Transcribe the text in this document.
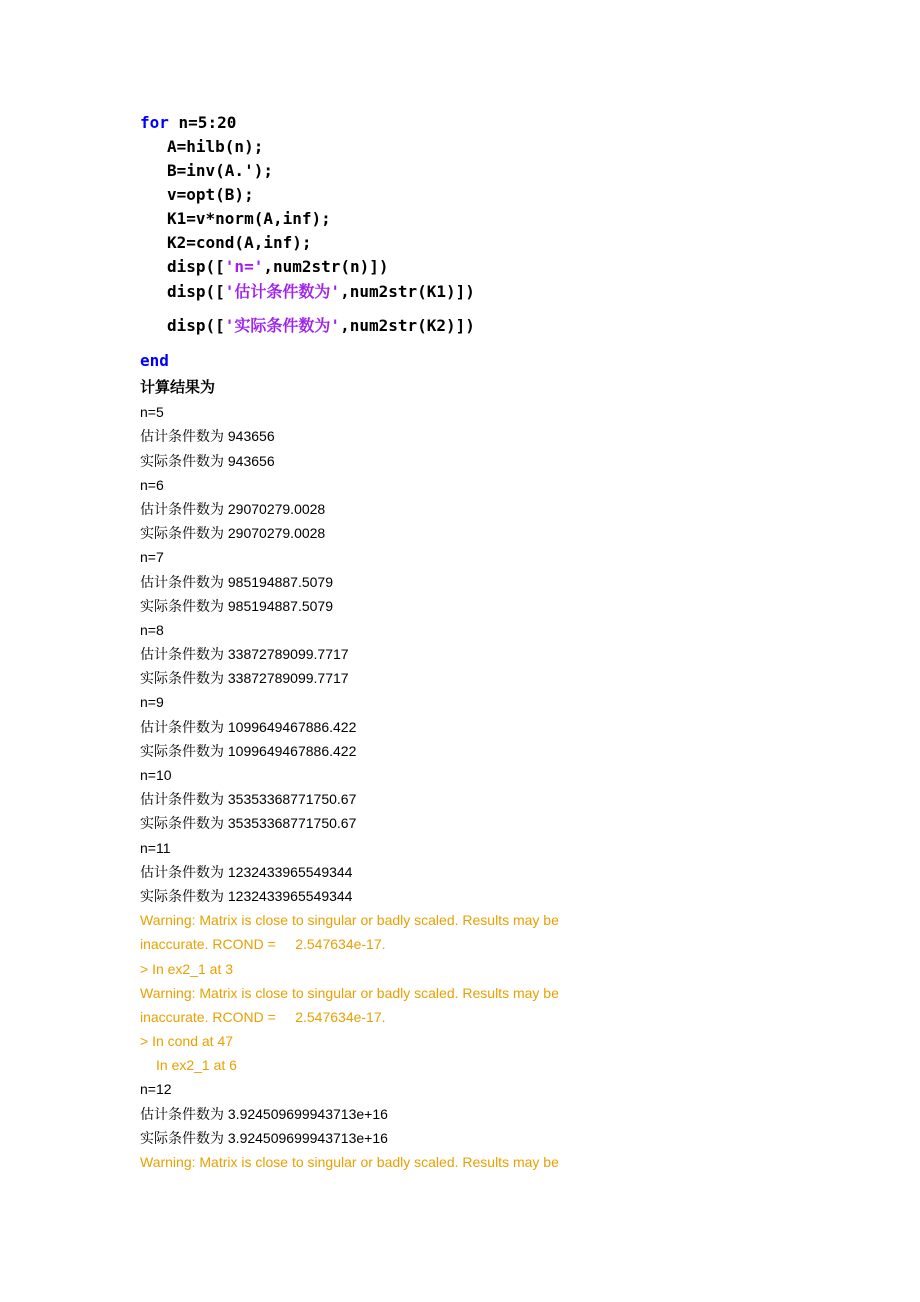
for n=5:20
A=hilb(n);
B=inv(A.');
v=opt(B);
K1=v*norm(A,inf);
K2=cond(A,inf);
disp(['n=',num2str(n)])
disp(['估计条件数为',num2str(K1)])
disp(['实际条件数为',num2str(K2)])
end
计算结果为
n=5
估计条件数为 943656
实际条件数为 943656
n=6
估计条件数为 29070279.0028
实际条件数为 29070279.0028
n=7
估计条件数为 985194887.5079
实际条件数为 985194887.5079
n=8
估计条件数为 33872789099.7717
实际条件数为 33872789099.7717
n=9
估计条件数为 1099649467886.422
实际条件数为 1099649467886.422
n=10
估计条件数为 35353368771750.67
实际条件数为 35353368771750.67
n=11
估计条件数为 1232433965549344
实际条件数为 1232433965549344
Warning: Matrix is close to singular or badly scaled. Results may be
inaccurate. RCOND =     2.547634e-17.
> In ex2_1 at 3
Warning: Matrix is close to singular or badly scaled. Results may be
inaccurate. RCOND =     2.547634e-17.
> In cond at 47
In ex2_1 at 6
n=12
估计条件数为 3.924509699943713e+16
实际条件数为 3.924509699943713e+16
Warning: Matrix is close to singular or badly scaled. Results may be
